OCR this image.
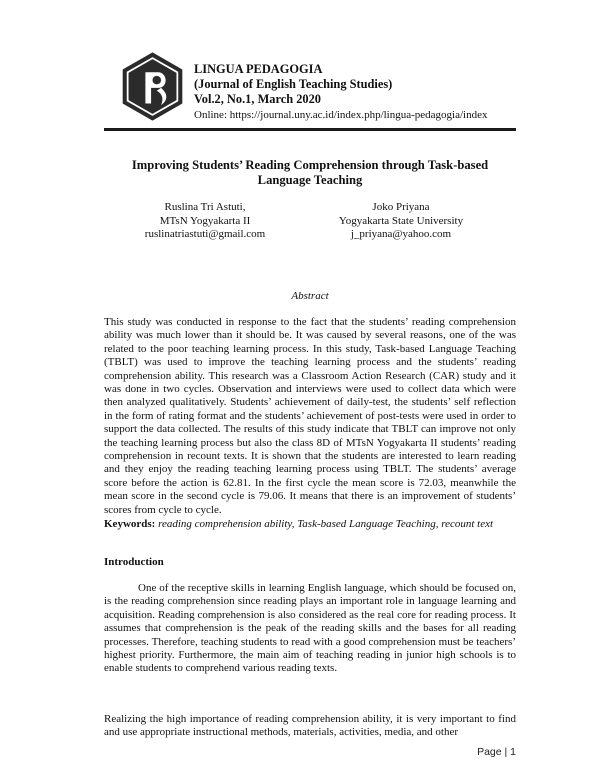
LINGUA PEDAGOGIA
(Journal of English Teaching Studies)
Vol.2, No.1, March 2020
Online: https://journal.uny.ac.id/index.php/lingua-pedagogia/index
Improving Students’ Reading Comprehension through Task-based Language Teaching
Ruslina Tri Astuti,
MTsN Yogyakarta II
ruslinatriastuti@gmail.com
Joko Priyana
Yogyakarta State University
j_priyana@yahoo.com
Abstract

This study was conducted in response to the fact that the students’ reading comprehension ability was much lower than it should be. It was caused by several reasons, one of the was related to the poor teaching learning process. In this study, Task-based Language Teaching (TBLT) was used to improve the teaching learning process and the students’ reading comprehension ability. This research was a Classroom Action Research (CAR) study and it was done in two cycles. Observation and interviews were used to collect data which were then analyzed qualitatively. Students’ achievement of daily-test, the students’ self reflection in the form of rating format and the students’ achievement of post-tests were used in order to support the data collected. The results of this study indicate that TBLT can improve not only the teaching learning process but also the class 8D of MTsN Yogyakarta II students’ reading comprehension in recount texts. It is shown that the students are interested to learn reading and they enjoy the reading teaching learning process using TBLT. The students’ average score before the action is 62.81. In the first cycle the mean score is 72.03, meanwhile the mean score in the second cycle is 79.06. It means that there is an improvement of students’ scores from cycle to cycle.

Keywords: reading comprehension ability, Task-based Language Teaching, recount text
Introduction

One of the receptive skills in learning English language, which should be focused on, is the reading comprehension since reading plays an important role in language learning and acquisition. Reading comprehension is also considered as the real core for reading process. It assumes that comprehension is the peak of the reading skills and the bases for all reading processes. Therefore, teaching students to read with a good comprehension must be teachers’ highest priority. Furthermore, the main aim of teaching reading in junior high schools is to enable students to comprehend various reading texts.

Realizing the high importance of reading comprehension ability, it is very important to find and use appropriate instructional methods, materials, activities, media, and other

Page | 1
